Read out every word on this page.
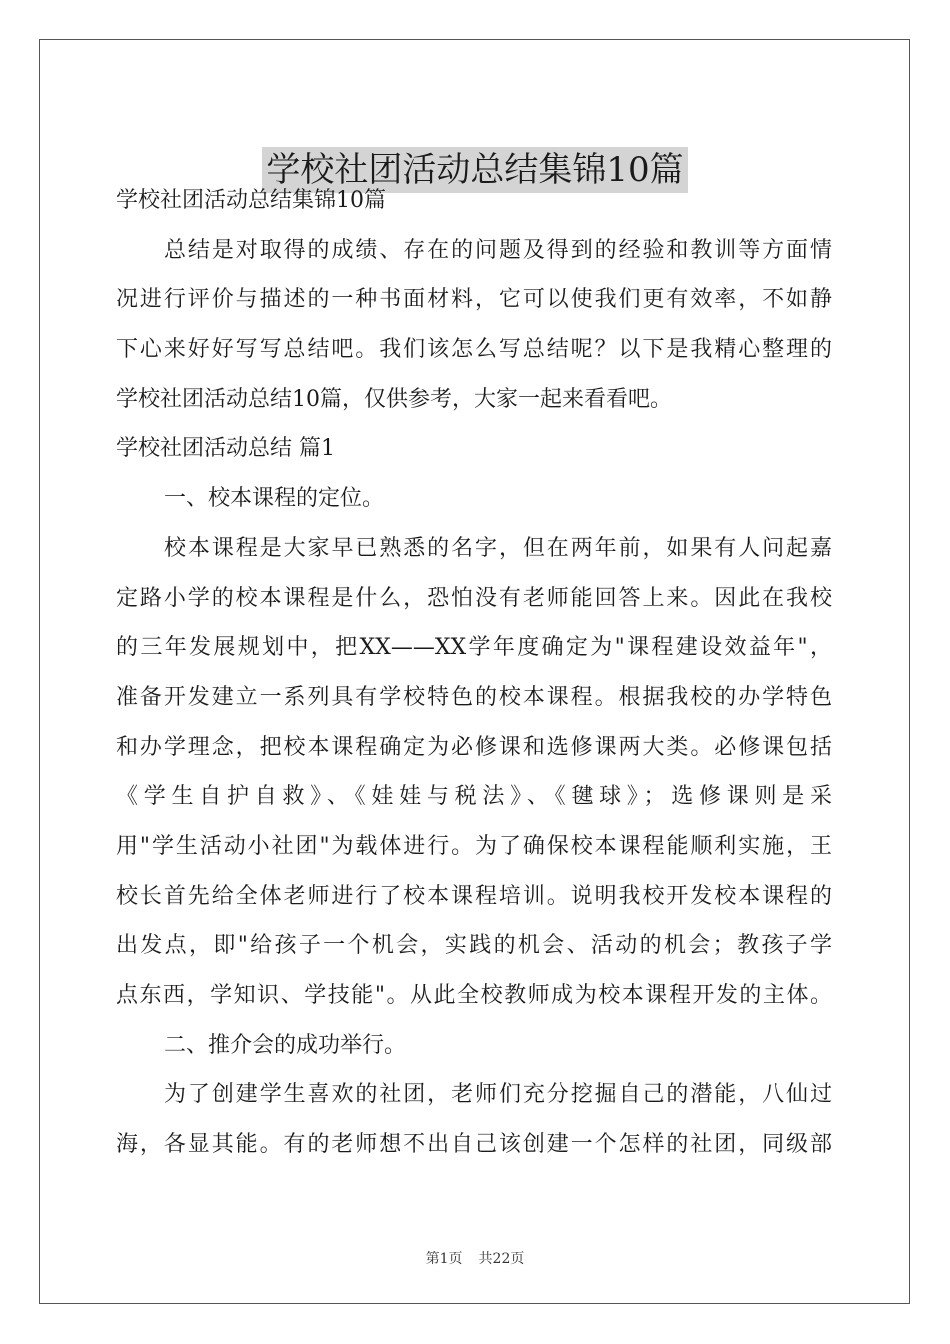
学校社团活动总结集锦10篇
学校社团活动总结集锦10篇
总结是对取得的成绩、存在的问题及得到的经验和教训等方面情
况进行评价与描述的一种书面材料，它可以使我们更有效率，不如静
下心来好好写写总结吧。我们该怎么写总结呢？以下是我精心整理的
学校社团活动总结10篇，仅供参考，大家一起来看看吧。
学校社团活动总结 篇1
一、校本课程的定位。
校本课程是大家早已熟悉的名字，但在两年前，如果有人问起嘉
定路小学的校本课程是什么，恐怕没有老师能回答上来。因此在我校
的三年发展规划中，把XX——XX学年度确定为"课程建设效益年"，
准备开发建立一系列具有学校特色的校本课程。根据我校的办学特色
和办学理念，把校本课程确定为必修课和选修课两大类。必修课包括
《学生自护自救》、《娃娃与税法》、《毽球》；选修课则是采
用"学生活动小社团"为载体进行。为了确保校本课程能顺利实施，王
校长首先给全体老师进行了校本课程培训。说明我校开发校本课程的
出发点，即"给孩子一个机会，实践的机会、活动的机会；教孩子学
点东西，学知识、学技能"。从此全校教师成为校本课程开发的主体。
二、推介会的成功举行。
为了创建学生喜欢的社团，老师们充分挖掘自己的潜能，八仙过
海，各显其能。有的老师想不出自己该创建一个怎样的社团，同级部
第1页 共22页
